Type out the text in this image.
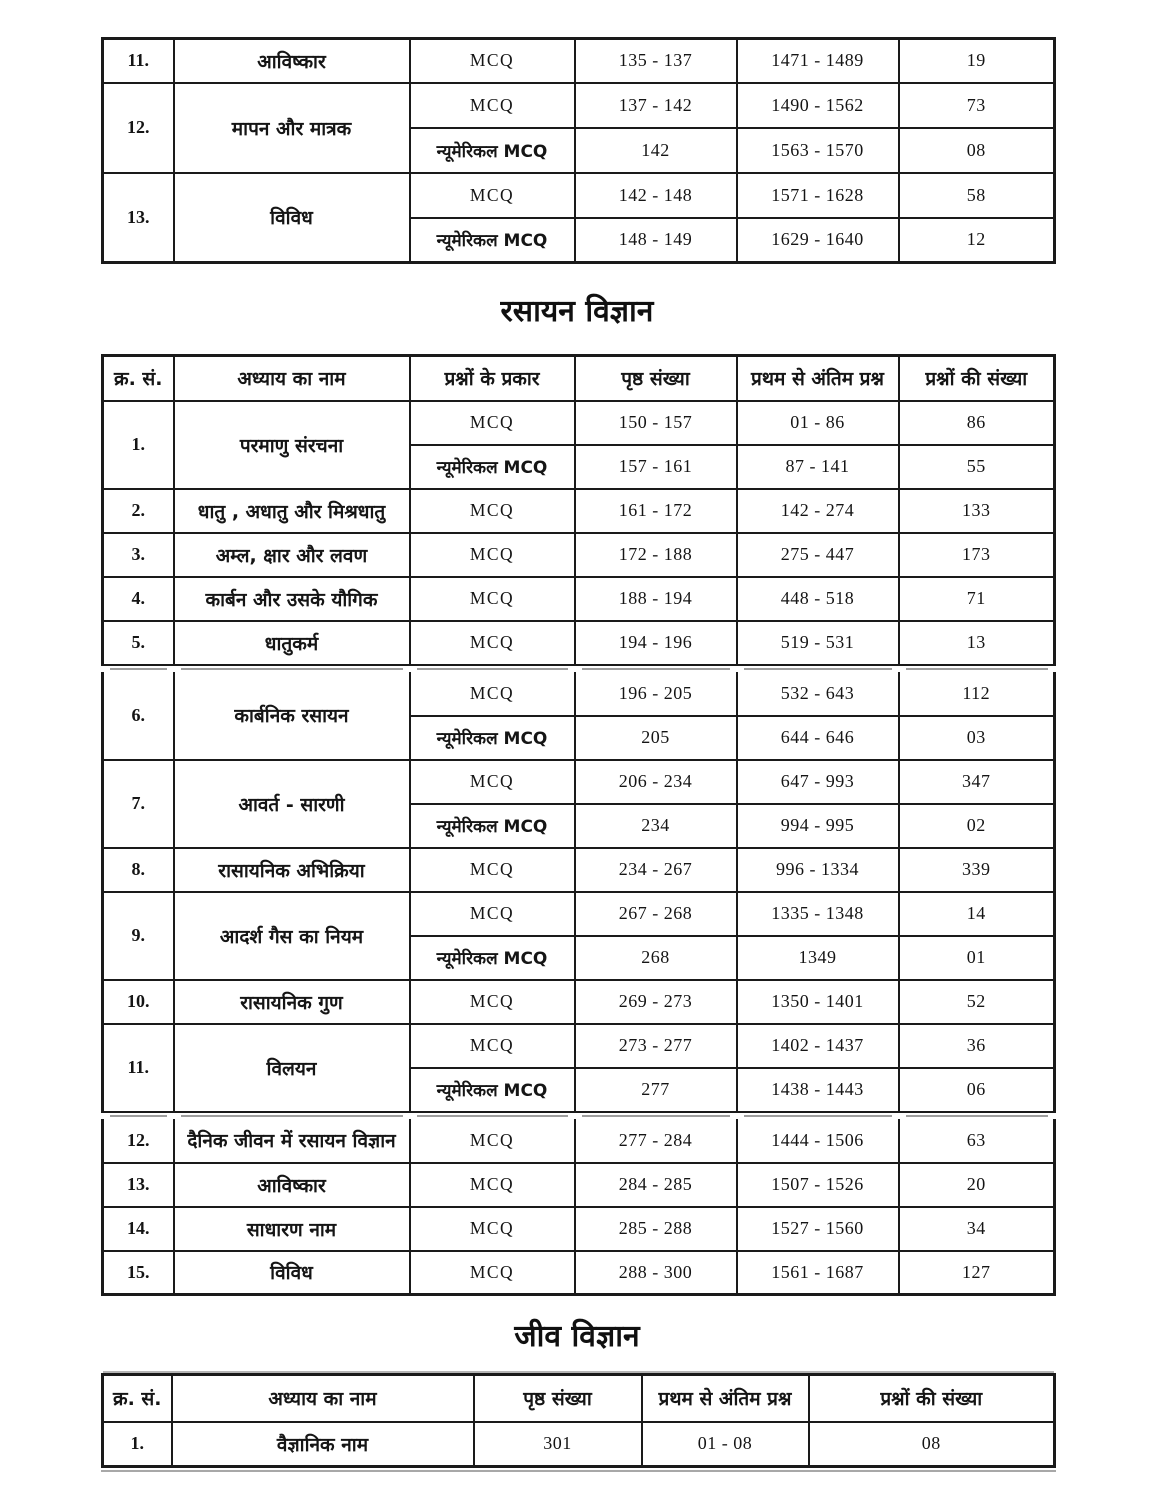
11.	आविष्कार	MCQ	135 - 137	1471 - 1489	19
12.	मापन और मात्रक	MCQ	137 - 142	1490 - 1562	73
		न्यूमेरिकल MCQ	142	1563 - 1570	08
13.	विविध	MCQ	142 - 148	1571 - 1628	58
		न्यूमेरिकल MCQ	148 - 149	1629 - 1640	12
रसायन विज्ञान
क्र. सं.	अध्याय का नाम	प्रश्नों के प्रकार	पृष्ठ संख्या	प्रथम से अंतिम प्रश्न	प्रश्नों की संख्या
1.	परमाणु संरचना	MCQ	150 - 157	01 - 86	86
		न्यूमेरिकल MCQ	157 - 161	87 - 141	55
2.	धातु , अधातु और मिश्रधातु	MCQ	161 - 172	142 - 274	133
3.	अम्ल, क्षार और लवण	MCQ	172 - 188	275 - 447	173
4.	कार्बन और उसके यौगिक	MCQ	188 - 194	448 - 518	71
5.	धातुकर्म	MCQ	194 - 196	519 - 531	13

6.	कार्बनिक रसायन	MCQ	196 - 205	532 - 643	112
		न्यूमेरिकल MCQ	205	644 - 646	03
7.	आवर्त - सारणी	MCQ	206 - 234	647 - 993	347
		न्यूमेरिकल MCQ	234	994 - 995	02
8.	रासायनिक अभिक्रिया	MCQ	234 - 267	996 - 1334	339
9.	आदर्श गैस का नियम	MCQ	267 - 268	1335 - 1348	14
		न्यूमेरिकल MCQ	268	1349	01
10.	रासायनिक गुण	MCQ	269 - 273	1350 - 1401	52
11.	विलयन	MCQ	273 - 277	1402 - 1437	36
		न्यूमेरिकल MCQ	277	1438 - 1443	06

12.	दैनिक जीवन में रसायन विज्ञान	MCQ	277 - 284	1444 - 1506	63
13.	आविष्कार	MCQ	284 - 285	1507 - 1526	20
14.	साधारण नाम	MCQ	285 - 288	1527 - 1560	34
15.	विविध	MCQ	288 - 300	1561 - 1687	127
जीव विज्ञान
क्र. सं.	अध्याय का नाम	पृष्ठ संख्या	प्रथम से अंतिम प्रश्न	प्रश्नों की संख्या
1.	वैज्ञानिक नाम	301	01 - 08	08
